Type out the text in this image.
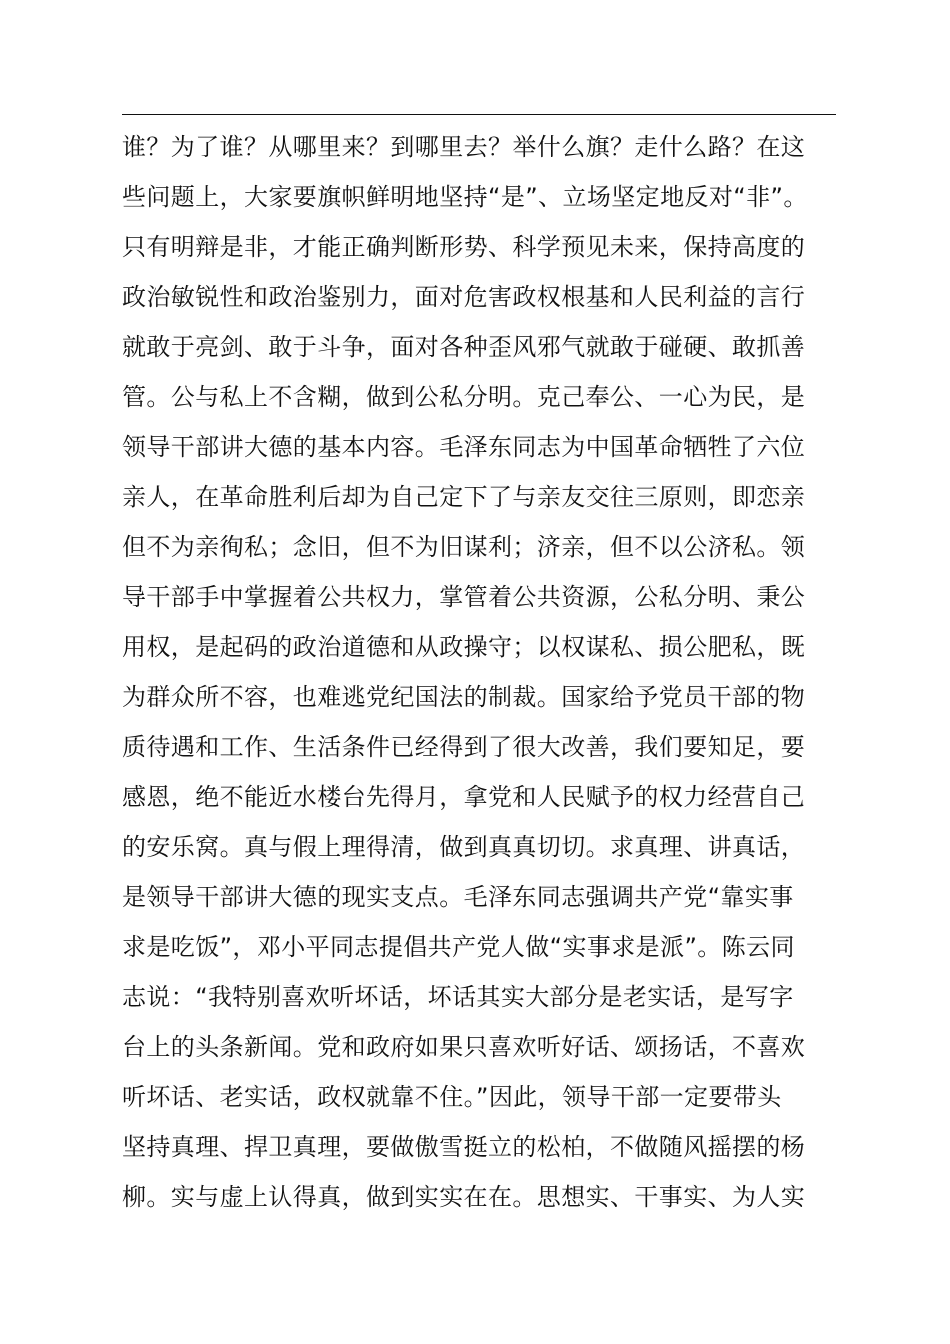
谁？为了谁？从哪里来？到哪里去？举什么旗？走什么路？在这
些问题上，大家要旗帜鲜明地坚持“是”、立场坚定地反对“非”。
只有明辩是非，才能正确判断形势、科学预见未来，保持高度的
政治敏锐性和政治鉴别力，面对危害政权根基和人民利益的言行
就敢于亮剑、敢于斗争，面对各种歪风邪气就敢于碰硬、敢抓善
管。公与私上不含糊，做到公私分明。克己奉公、一心为民，是
领导干部讲大德的基本内容。毛泽东同志为中国革命牺牲了六位
亲人，在革命胜利后却为自己定下了与亲友交往三原则，即恋亲
但不为亲徇私；念旧，但不为旧谋利；济亲，但不以公济私。领
导干部手中掌握着公共权力，掌管着公共资源，公私分明、秉公
用权，是起码的政治道德和从政操守；以权谋私、损公肥私，既
为群众所不容，也难逃党纪国法的制裁。国家给予党员干部的物
质待遇和工作、生活条件已经得到了很大改善，我们要知足，要
感恩，绝不能近水楼台先得月，拿党和人民赋予的权力经营自己
的安乐窝。真与假上理得清，做到真真切切。求真理、讲真话，
是领导干部讲大德的现实支点。毛泽东同志强调共产党“靠实事
求是吃饭”，邓小平同志提倡共产党人做“实事求是派”。陈云同
志说：“我特别喜欢听坏话，坏话其实大部分是老实话，是写字
台上的头条新闻。党和政府如果只喜欢听好话、颂扬话，不喜欢
听坏话、老实话，政权就靠不住。”因此，领导干部一定要带头
坚持真理、捍卫真理，要做傲雪挺立的松柏，不做随风摇摆的杨
柳。实与虚上认得真，做到实实在在。思想实、干事实、为人实
